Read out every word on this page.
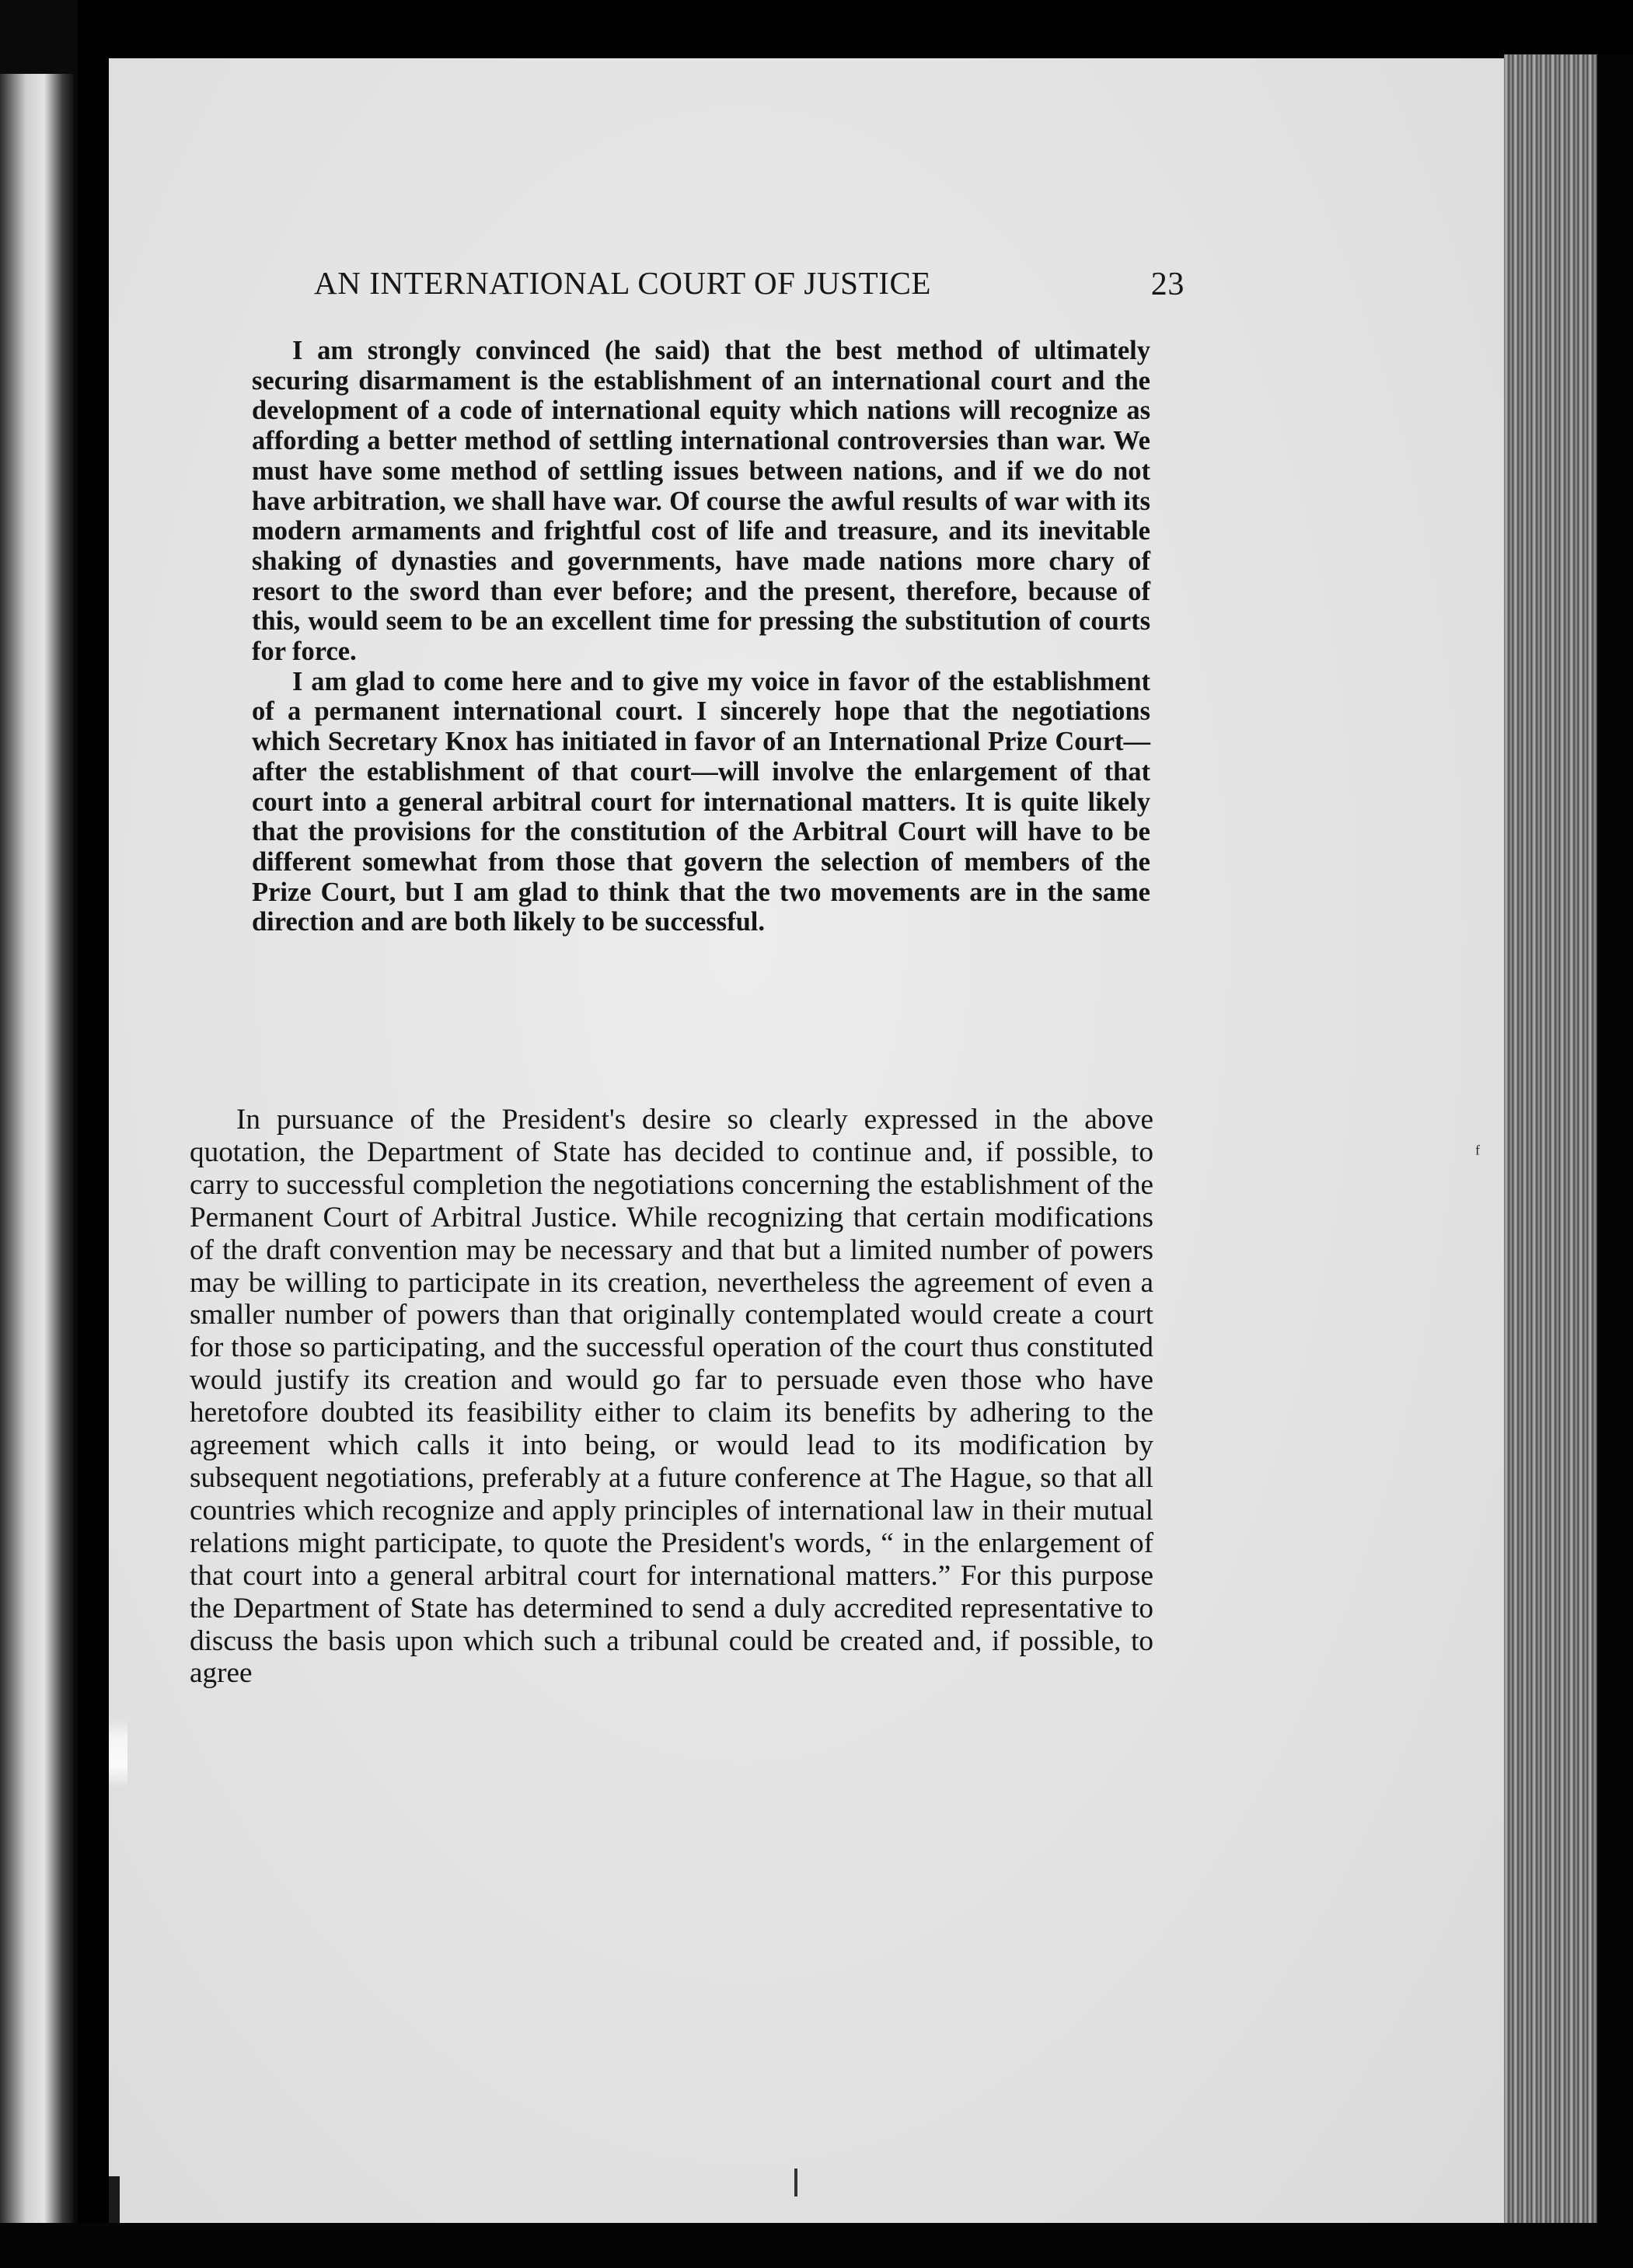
AN INTERNATIONAL COURT OF JUSTICE	23

I am strongly convinced (he said) that the best method of ultimately securing disarmament is the establishment of an international court and the development of a code of international equity which nations will recognize as affording a better method of settling international controversies than war. We must have some method of settling issues between nations, and if we do not have arbitration, we shall have war. Of course the awful results of war with its modern armaments and frightful cost of life and treasure, and its inevitable shaking of dynasties and governments, have made nations more chary of resort to the sword than ever before; and the present, therefore, because of this, would seem to be an excellent time for pressing the substitution of courts for force.

I am glad to come here and to give my voice in favor of the establishment of a permanent international court. I sincerely hope that the negotiations which Secretary Knox has initiated in favor of an International Prize Court—after the establishment of that court—will involve the enlargement of that court into a general arbitral court for international matters. It is quite likely that the provisions for the constitution of the Arbitral Court will have to be different somewhat from those that govern the selection of members of the Prize Court, but I am glad to think that the two movements are in the same direction and are both likely to be successful.

In pursuance of the President's desire so clearly expressed in the above quotation, the Department of State has decided to continue and, if possible, to carry to successful completion the negotiations concerning the establishment of the Permanent Court of Arbitral Justice. While recognizing that certain modifications of the draft convention may be necessary and that but a limited number of powers may be willing to participate in its creation, nevertheless the agreement of even a smaller number of powers than that originally contemplated would create a court for those so participating, and the successful operation of the court thus constituted would justify its creation and would go far to persuade even those who have heretofore doubted its feasibility either to claim its benefits by adhering to the agreement which calls it into being, or would lead to its modification by subsequent negotiations, preferably at a future conference at The Hague, so that all countries which recognize and apply principles of international law in their mutual relations might participate, to quote the President's words, “ in the enlargement of that court into a general arbitral court for international matters.” For this purpose the Department of State has determined to send a duly accredited representative to discuss the basis upon which such a tribunal could be created and, if possible, to agree

ᶠ
